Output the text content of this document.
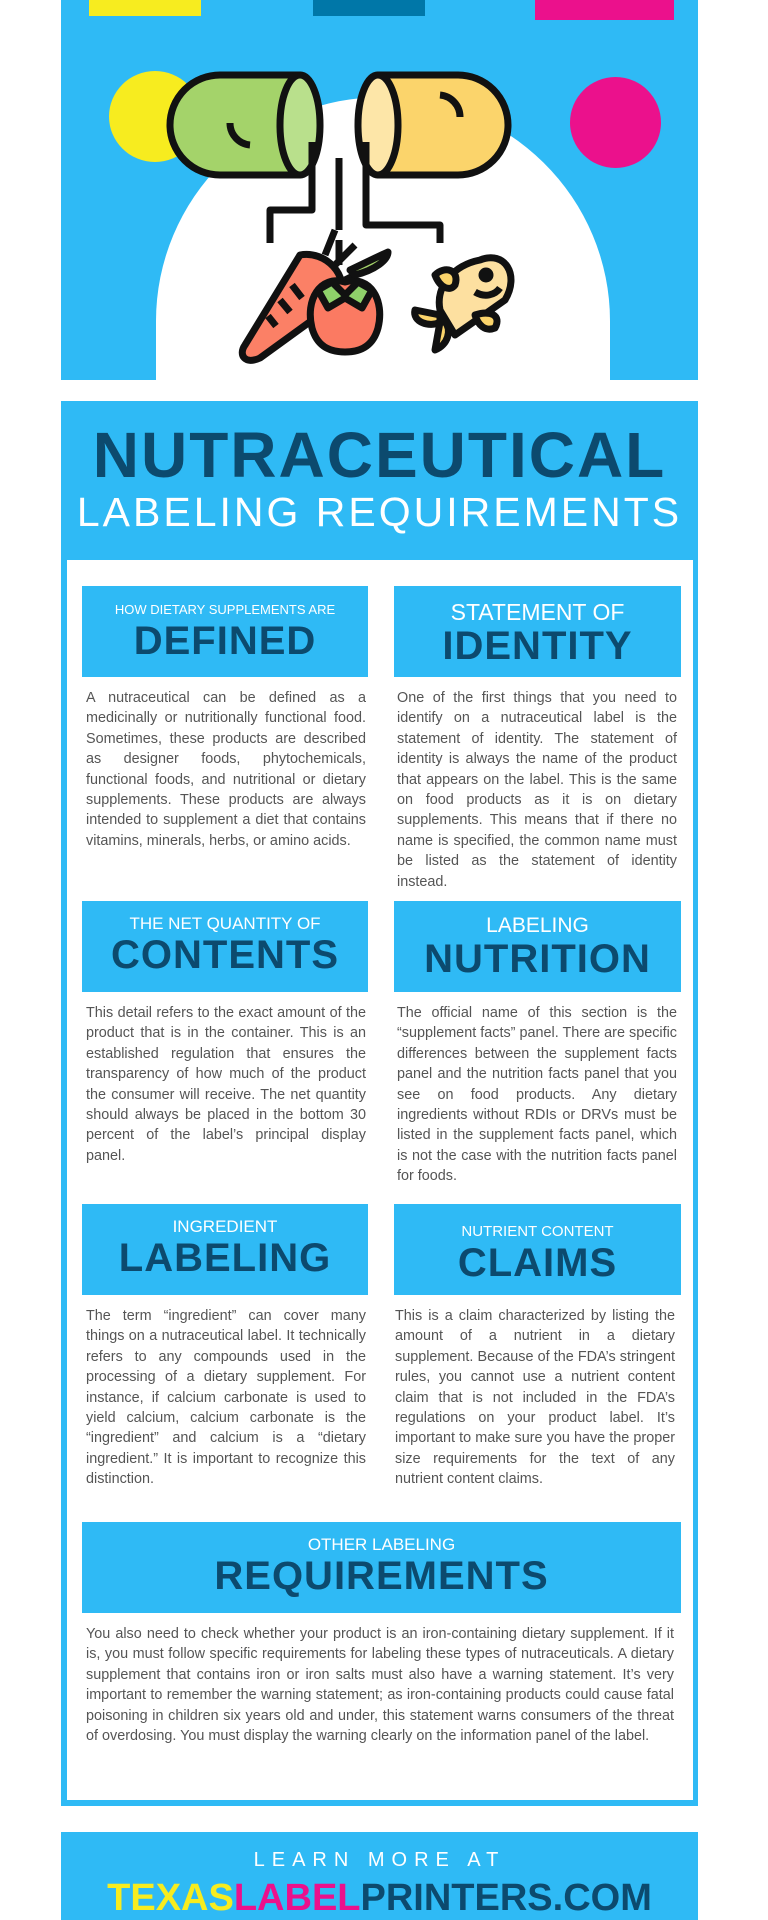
NUTRACEUTICAL
LABELING REQUIREMENTS
HOW DIETARY SUPPLEMENTS ARE
DEFINED
A nutraceutical can be defined as a medicinally or nutritionally functional food. Sometimes, these products are described as designer foods, phytochemicals, functional foods, and nutritional or dietary supplements. These products are always intended to supplement a diet that contains vitamins, minerals, herbs, or amino acids.
STATEMENT OF
IDENTITY
One of the first things that you need to identify on a nutraceutical label is the statement of identity. The statement of identity is always the name of the product that appears on the label. This is the same on food products as it is on dietary supplements. This means that if there no name is specified, the common name must be listed as the statement of identity instead.
THE NET QUANTITY OF
CONTENTS
This detail refers to the exact amount of the product that is in the container. This is an established regulation that ensures the transparency of how much of the product the consumer will receive. The net quantity should always be placed in the bottom 30 percent of the label’s principal display panel.
LABELING
NUTRITION
The official name of this section is the “supplement facts” panel. There are specific differences between the supplement facts panel and the nutrition facts panel that you see on food products. Any dietary ingredients without RDIs or DRVs must be listed in the supplement facts panel, which is not the case with the nutrition facts panel for foods.
INGREDIENT
LABELING
The term “ingredient” can cover many things on a nutraceutical label. It technically refers to any compounds used in the processing of a dietary supplement. For instance, if calcium carbonate is used to yield calcium, calcium carbonate is the “ingredient” and calcium is a “dietary ingredient.” It is important to recognize this distinction.
NUTRIENT CONTENT
CLAIMS
This is a claim characterized by listing the amount of a nutrient in a dietary supplement. Because of the FDA’s stringent rules, you cannot use a nutrient content claim that is not included in the FDA’s regulations on your product label. It’s important to make sure you have the proper size requirements for the text of any nutrient content claims.
OTHER LABELING
REQUIREMENTS
You also need to check whether your product is an iron-containing dietary supplement. If it is, you must follow specific requirements for labeling these types of nutraceuticals. A dietary supplement that contains iron or iron salts must also have a warning statement. It’s very important to remember the warning statement; as iron-containing products could cause fatal poisoning in children six years old and under, this statement warns consumers of the threat of overdosing. You must display the warning clearly on the information panel of the label.
LEARN MORE AT
TEXASLABELPRINTERS.COM
